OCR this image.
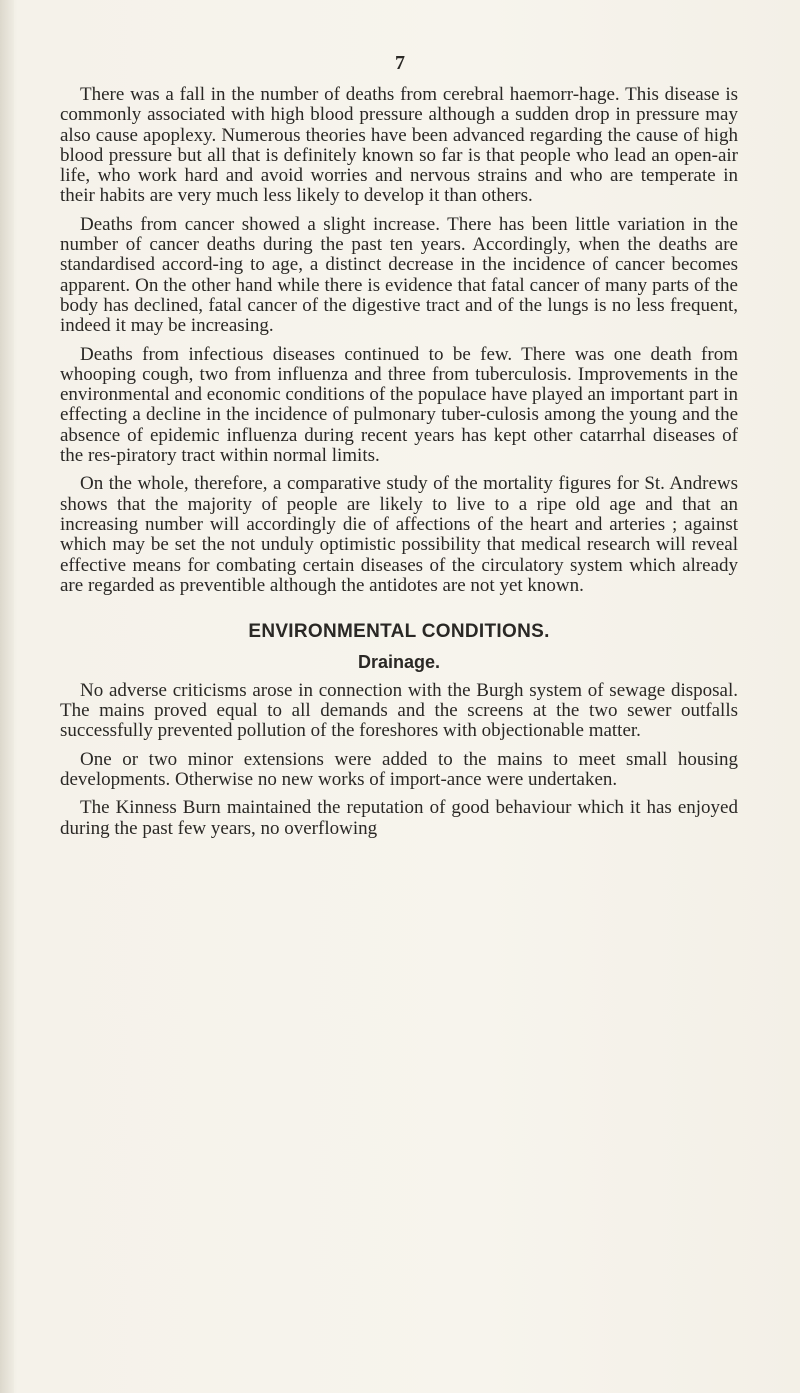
7

There was a fall in the number of deaths from cerebral haemorr-hage. This disease is commonly associated with high blood pressure although a sudden drop in pressure may also cause apoplexy. Numerous theories have been advanced regarding the cause of high blood pressure but all that is definitely known so far is that people who lead an open-air life, who work hard and avoid worries and nervous strains and who are temperate in their habits are very much less likely to develop it than others.

Deaths from cancer showed a slight increase. There has been little variation in the number of cancer deaths during the past ten years. Accordingly, when the deaths are standardised accord-ing to age, a distinct decrease in the incidence of cancer becomes apparent. On the other hand while there is evidence that fatal cancer of many parts of the body has declined, fatal cancer of the digestive tract and of the lungs is no less frequent, indeed it may be increasing.

Deaths from infectious diseases continued to be few. There was one death from whooping cough, two from influenza and three from tuberculosis. Improvements in the environmental and economic conditions of the populace have played an important part in effecting a decline in the incidence of pulmonary tuber-culosis among the young and the absence of epidemic influenza during recent years has kept other catarrhal diseases of the res-piratory tract within normal limits.

On the whole, therefore, a comparative study of the mortality figures for St. Andrews shows that the majority of people are likely to live to a ripe old age and that an increasing number will accordingly die of affections of the heart and arteries ; against which may be set the not unduly optimistic possibility that medical research will reveal effective means for combating certain diseases of the circulatory system which already are regarded as preventible although the antidotes are not yet known.

ENVIRONMENTAL CONDITIONS.
Drainage.

No adverse criticisms arose in connection with the Burgh system of sewage disposal. The mains proved equal to all demands and the screens at the two sewer outfalls successfully prevented pollution of the foreshores with objectionable matter.

One or two minor extensions were added to the mains to meet small housing developments. Otherwise no new works of import-ance were undertaken.

The Kinness Burn maintained the reputation of good behaviour which it has enjoyed during the past few years, no overflowing
